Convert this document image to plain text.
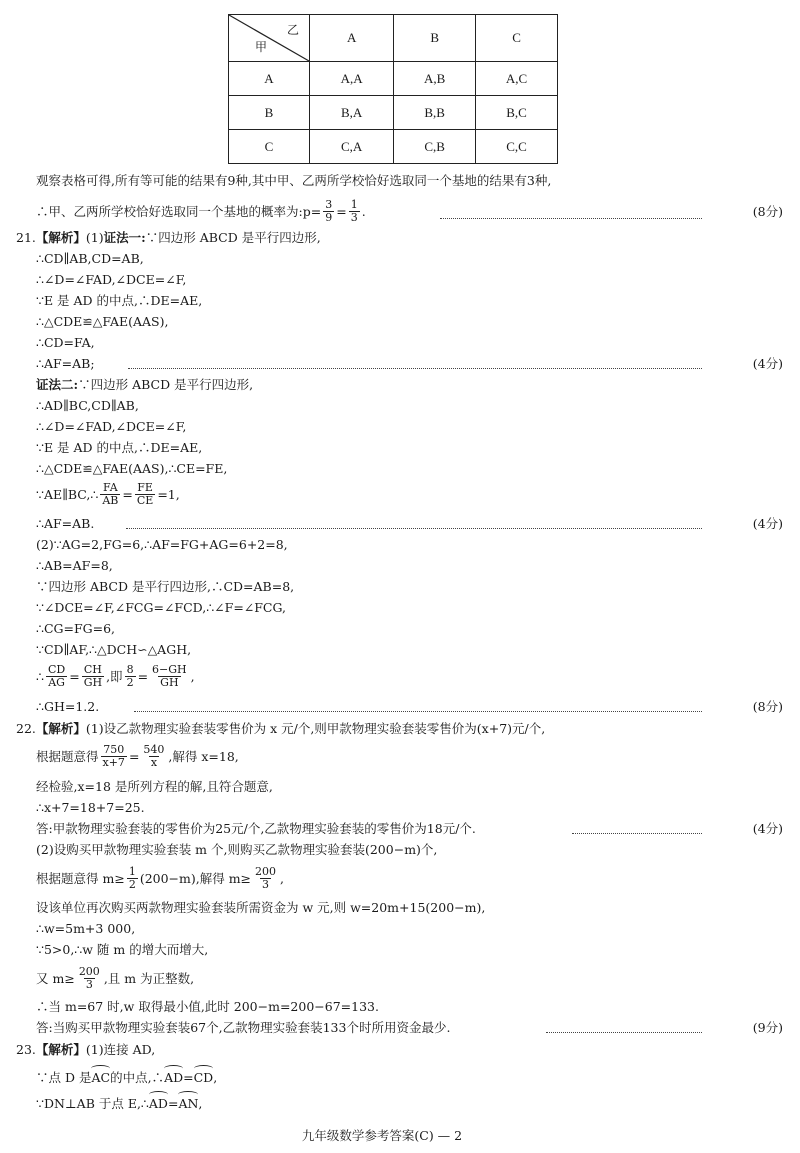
乙
甲	A	B	C
A	A,A	A,B	A,C
B	B,A	B,B	B,C
C	C,A	C,B	C,C
观察表格可得,所有等可能的结果有9种,其中甲、乙两所学校恰好选取同一个基地的结果有3种,
∴甲、乙两所学校恰好选取同一个基地的概率为:p= $\frac{3}{9} = \frac{1}{3}$ .	(8分)
21.【解析】(1)证法一:∵四边形 ABCD 是平行四边形,
∴CD∥AB,CD=AB,
∴∠D=∠FAD,∠DCE=∠F,
∵E 是 AD 的中点,∴DE=AE,
∴△CDE≌△FAE(AAS),
∴CD=FA,
∴AF=AB;	(4分)
证法二:∵四边形 ABCD 是平行四边形,
∴AD∥BC,CD∥AB,
∴∠D=∠FAD,∠DCE=∠F,
∵E 是 AD 的中点,∴DE=AE,
∴△CDE≌△FAE(AAS),∴CE=FE,
∵AE∥BC,∴ $\frac{FA}{AB} = \frac{FE}{CE} =1$,
∴AF=AB.	(4分)
(2)∵AG=2,FG=6,∴AF=FG+AG=6+2=8,
∴AB=AF=8,
∵四边形 ABCD 是平行四边形,∴CD=AB=8,
∵∠DCE=∠F,∠FCG=∠FCD,∴∠F=∠FCG,
∴CG=FG=6,
∵CD∥AF,∴△DCH∽△AGH,
∴ $\frac{CD}{AG} = \frac{CH}{GH}$ ,即 $\frac{8}{2} = \frac{6-GH}{GH}$ ,
∴GH=1.2.	(8分)
22.【解析】(1)设乙款物理实验套装零售价为 x 元/个,则甲款物理实验套装零售价为(x+7)元/个,
根据题意得 $\frac{750}{x+7} = \frac{540}{x}$ ,解得 x=18,
经检验,x=18 是所列方程的解,且符合题意,
∴x+7=18+7=25.
答:甲款物理实验套装的零售价为25元/个,乙款物理实验套装的零售价为18元/个.	(4分)
(2)设购买甲款物理实验套装 m 个,则购买乙款物理实验套装(200−m)个,
根据题意得 $m\ge \frac{1}{2} (200-m)$,解得 $m\ge \frac{200}{3}$ ,
设该单位再次购买两款物理实验套装所需资金为 w 元,则 w=20m+15(200−m),
∴w=5m+3 000,
∵5>0,∴w 随 m 的增大而增大,
又 $m\ge \frac{200}{3}$ ,且 m 为正整数,
∴当 m=67 时,w 取得最小值,此时 200−m=200−67=133.
答:当购买甲款物理实验套装67个,乙款物理实验套装133个时所用资金最少.	(9分)
23.【解析】(1)连接 AD,
∵点 D 是AC的中点,∴AD=CD,
∵DN⊥AB 于点 E,∴AD=AN,
九年级数学参考答案(C) — 2
